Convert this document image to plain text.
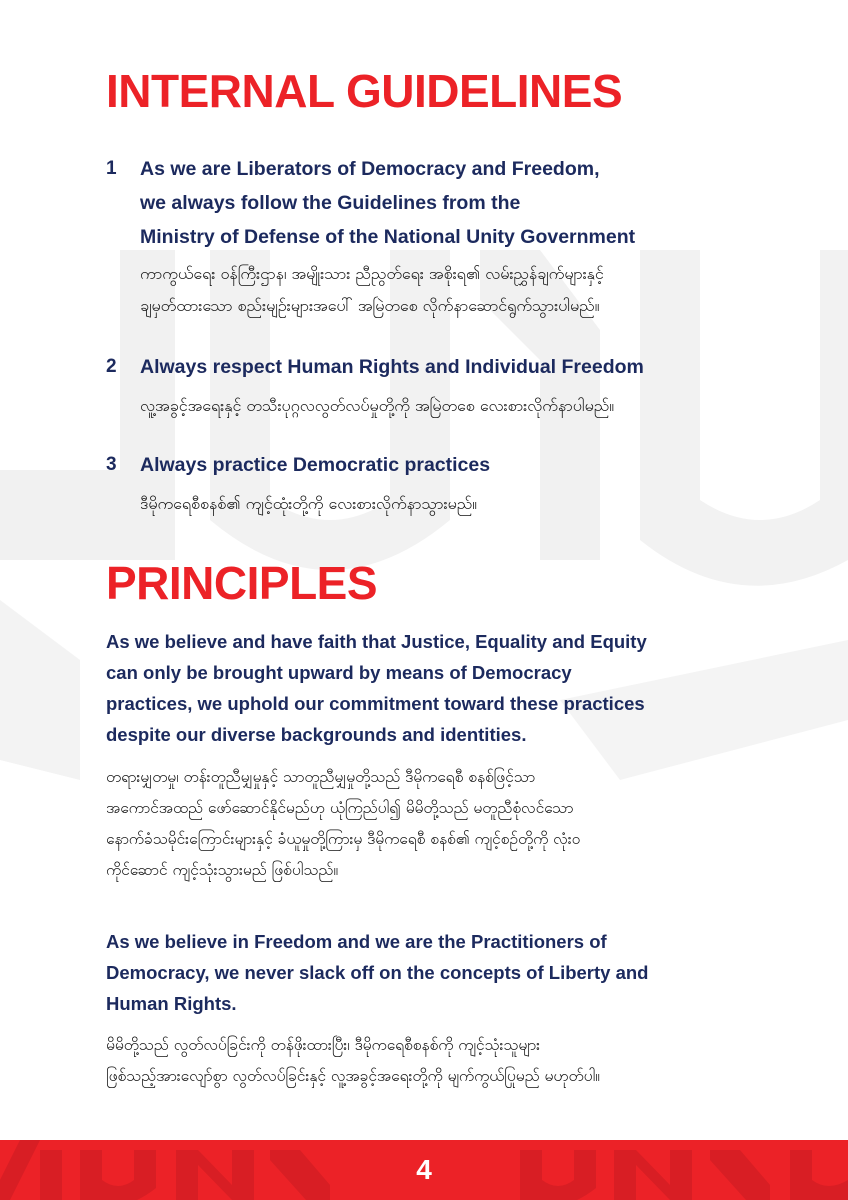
INTERNAL GUIDELINES
1 As we are Liberators of Democracy and Freedom,
we always follow the Guidelines from the
Ministry of Defense of the National Unity Government
ကာကွယ်ရေး ဝန်ကြီးဌာန၊ အမျိုးသား ညီညွတ်ရေး အစိုးရ၏ လမ်းညွှန်ချက်များနှင့်
ချမှတ်ထားသော စည်းမျဉ်းများအပေါ် အမြဲတစေ လိုက်နာဆောင်ရွက်သွားပါမည်။
2 Always respect Human Rights and Individual Freedom
လူ့အခွင့်အရေးနှင့် တသီးပုဂ္ဂလလွတ်လပ်မှုတို့ကို အမြဲတစေ လေးစားလိုက်နာပါမည်။
3 Always practice Democratic practices
ဒီမိုကရေစီစနစ်၏ ကျင့်ထုံးတို့ကို လေးစားလိုက်နာသွားမည်။
PRINCIPLES
As we believe and have faith that Justice, Equality and Equity
can only be brought upward by means of Democracy
practices, we uphold our commitment toward these practices
despite our diverse backgrounds and identities.
တရားမျှတမှု၊ တန်းတူညီမျှမှုနှင့် သာတူညီမျှမှုတို့သည် ဒီမိုကရေစီ စနစ်ဖြင့်သာ
အကောင်အထည် ဖော်ဆောင်နိုင်မည်ဟု ယုံကြည်ပါ၍ မိမိတို့သည် မတူညီစုံလင်သော
နောက်ခံသမိုင်းကြောင်းများနှင့် ခံယူမှုတို့ကြားမှ ဒီမိုကရေစီ စနစ်၏ ကျင့်စဉ်တို့ကို လုံးဝ
ကိုင်ဆောင် ကျင့်သုံးသွားမည် ဖြစ်ပါသည်။
As we believe in Freedom and we are the Practitioners of
Democracy, we never slack off on the concepts of Liberty and
Human Rights.
မိမိတို့သည် လွတ်လပ်ခြင်းကို တန်ဖိုးထားပြီး၊ ဒီမိုကရေစီစနစ်ကို ကျင့်သုံးသူများ
ဖြစ်သည့်အားလျော်စွာ လွတ်လပ်ခြင်းနှင့် လူ့အခွင့်အရေးတို့ကို မျက်ကွယ်ပြုမည် မဟုတ်ပါ။
4
